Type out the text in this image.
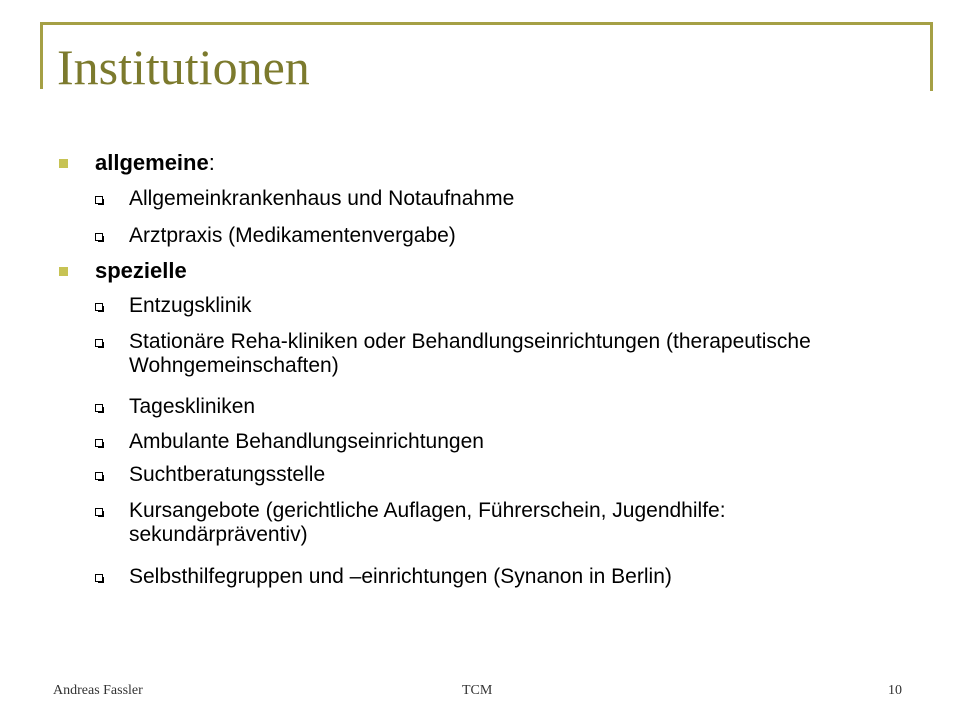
Institutionen
allgemeine:
Allgemeinkrankenhaus und Notaufnahme
Arztpraxis (Medikamentenvergabe)
spezielle
Entzugsklinik
Stationäre Reha-kliniken oder Behandlungseinrichtungen (therapeutische Wohngemeinschaften)
Tageskliniken
Ambulante Behandlungseinrichtungen
Suchtberatungsstelle
Kursangebote (gerichtliche Auflagen, Führerschein, Jugendhilfe: sekundärpräventiv)
Selbsthilfegruppen und –einrichtungen (Synanon in Berlin)
Andreas Fassler	TCM	10
